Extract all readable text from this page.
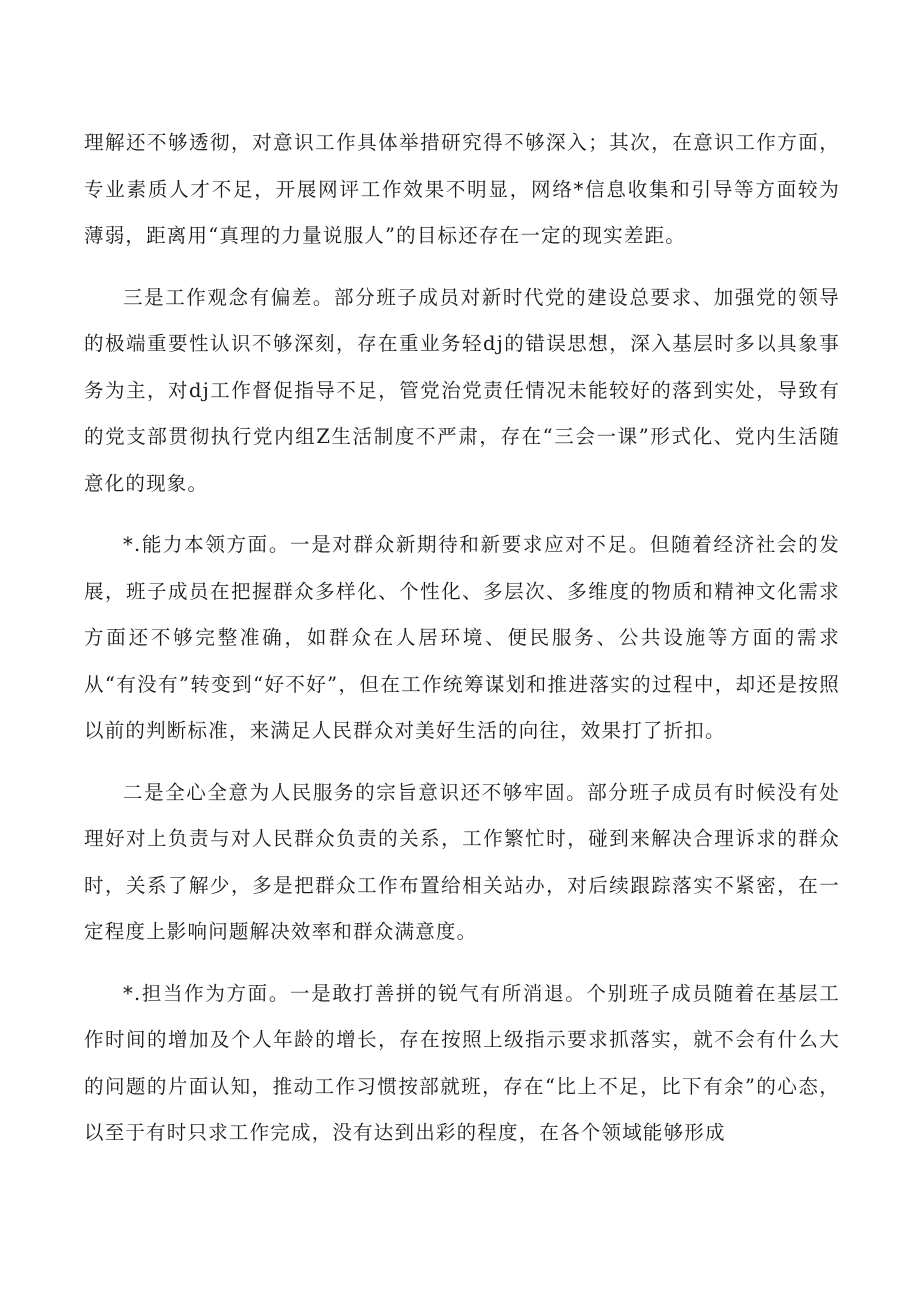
理解还不够透彻，对意识工作具体举措研究得不够深入；其次，在意识工作方面，专业素质人才不足，开展网评工作效果不明显，网络*信息收集和引导等方面较为薄弱，距离用“真理的力量说服人”的目标还存在一定的现实差距。

三是工作观念有偏差。部分班子成员对新时代党的建设总要求、加强党的领导的极端重要性认识不够深刻，存在重业务轻dj的错误思想，深入基层时多以具象事务为主，对dj工作督促指导不足，管党治党责任情况未能较好的落到实处，导致有的党支部贯彻执行党内组Z生活制度不严肃，存在“三会一课”形式化、党内生活随意化的现象。

*.能力本领方面。一是对群众新期待和新要求应对不足。但随着经济社会的发展，班子成员在把握群众多样化、个性化、多层次、多维度的物质和精神文化需求方面还不够完整准确，如群众在人居环境、便民服务、公共设施等方面的需求从“有没有”转变到“好不好”，但在工作统筹谋划和推进落实的过程中，却还是按照以前的判断标准，来满足人民群众对美好生活的向往，效果打了折扣。

二是全心全意为人民服务的宗旨意识还不够牢固。部分班子成员有时候没有处理好对上负责与对人民群众负责的关系，工作繁忙时，碰到来解决合理诉求的群众时，关系了解少，多是把群众工作布置给相关站办，对后续跟踪落实不紧密，在一定程度上影响问题解决效率和群众满意度。

*.担当作为方面。一是敢打善拼的锐气有所消退。个别班子成员随着在基层工作时间的增加及个人年龄的增长，存在按照上级指示要求抓落实，就不会有什么大的问题的片面认知，推动工作习惯按部就班，存在“比上不足，比下有余”的心态，以至于有时只求工作完成，没有达到出彩的程度，在各个领域能够形成
